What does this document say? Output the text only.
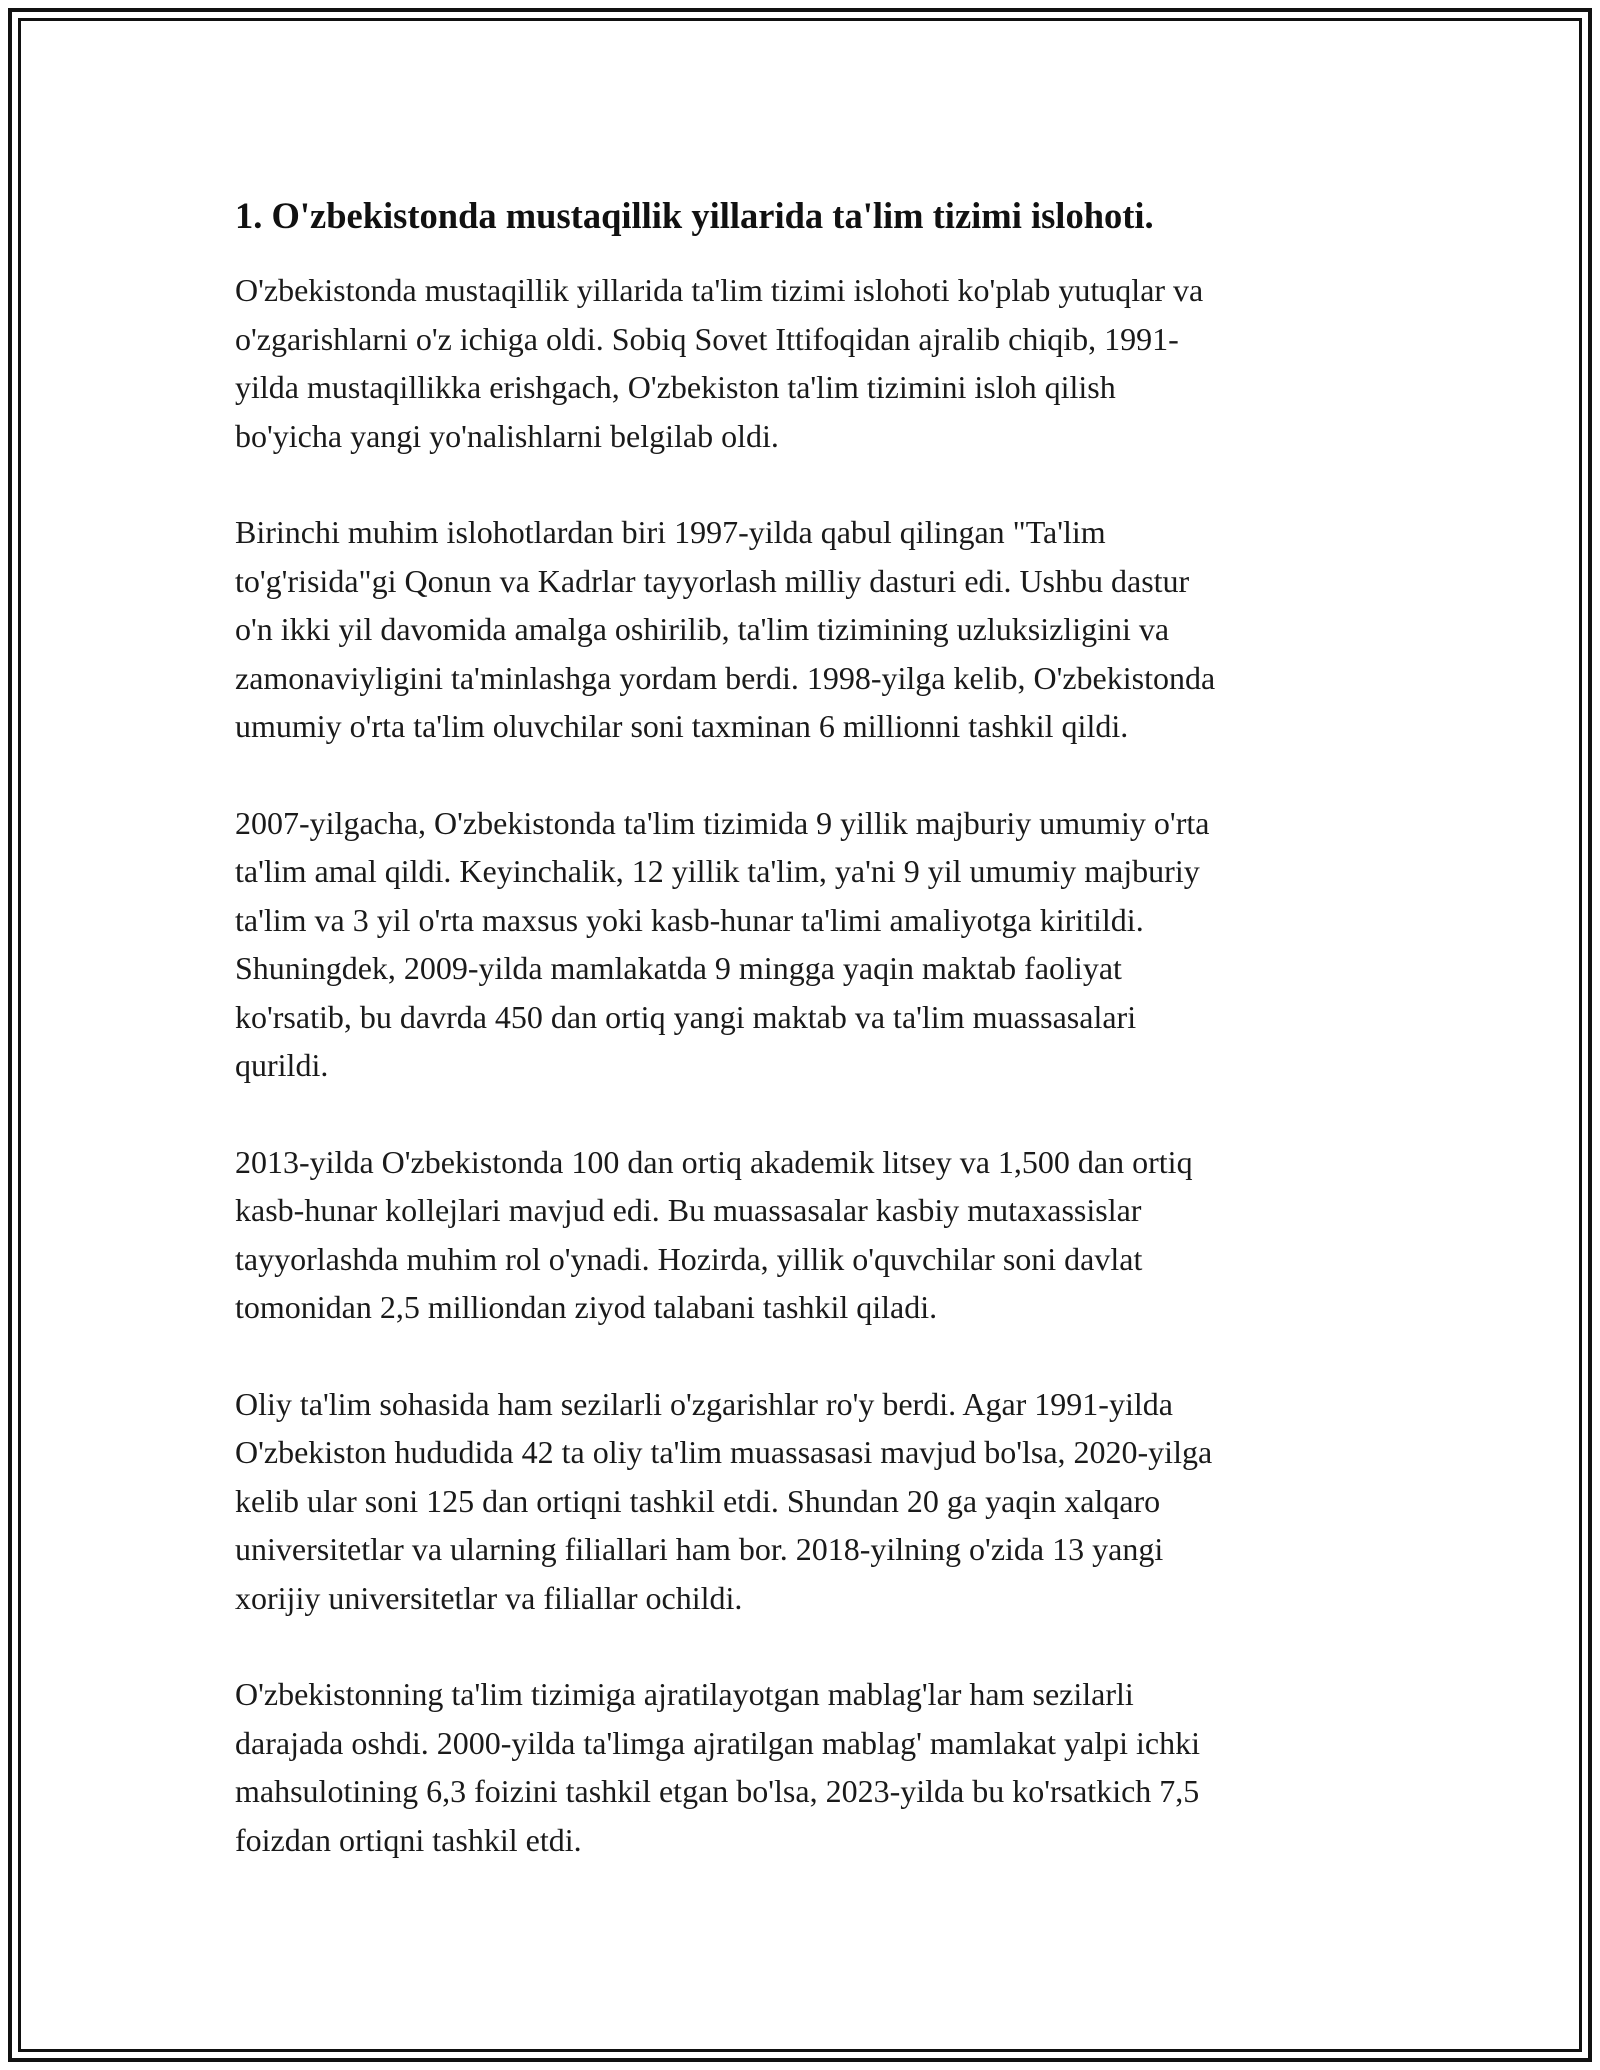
1. O'zbekistonda mustaqillik yillarida ta'lim tizimi islohoti.

O'zbekistonda mustaqillik yillarida ta'lim tizimi islohoti ko'plab yutuqlar va
o'zgarishlarni o'z ichiga oldi. Sobiq Sovet Ittifoqidan ajralib chiqib, 1991-
yilda mustaqillikka erishgach, O'zbekiston ta'lim tizimini isloh qilish
bo'yicha yangi yo'nalishlarni belgilab oldi.

Birinchi muhim islohotlardan biri 1997-yilda qabul qilingan "Ta'lim
to'g'risida"gi Qonun va Kadrlar tayyorlash milliy dasturi edi. Ushbu dastur
o'n ikki yil davomida amalga oshirilib, ta'lim tizimining uzluksizligini va
zamonaviyligini ta'minlashga yordam berdi. 1998-yilga kelib, O'zbekistonda
umumiy o'rta ta'lim oluvchilar soni taxminan 6 millionni tashkil qildi.

2007-yilgacha, O'zbekistonda ta'lim tizimida 9 yillik majburiy umumiy o'rta
ta'lim amal qildi. Keyinchalik, 12 yillik ta'lim, ya'ni 9 yil umumiy majburiy
ta'lim va 3 yil o'rta maxsus yoki kasb-hunar ta'limi amaliyotga kiritildi.
Shuningdek, 2009-yilda mamlakatda 9 mingga yaqin maktab faoliyat
ko'rsatib, bu davrda 450 dan ortiq yangi maktab va ta'lim muassasalari
qurildi.

2013-yilda O'zbekistonda 100 dan ortiq akademik litsey va 1,500 dan ortiq
kasb-hunar kollejlari mavjud edi. Bu muassasalar kasbiy mutaxassislar
tayyorlashda muhim rol o'ynadi. Hozirda, yillik o'quvchilar soni davlat
tomonidan 2,5 milliondan ziyod talabani tashkil qiladi.

Oliy ta'lim sohasida ham sezilarli o'zgarishlar ro'y berdi. Agar 1991-yilda
O'zbekiston hududida 42 ta oliy ta'lim muassasasi mavjud bo'lsa, 2020-yilga
kelib ular soni 125 dan ortiqni tashkil etdi. Shundan 20 ga yaqin xalqaro
universitetlar va ularning filiallari ham bor. 2018-yilning o'zida 13 yangi
xorijiy universitetlar va filiallar ochildi.

O'zbekistonning ta'lim tizimiga ajratilayotgan mablag'lar ham sezilarli
darajada oshdi. 2000-yilda ta'limga ajratilgan mablag' mamlakat yalpi ichki
mahsulotining 6,3 foizini tashkil etgan bo'lsa, 2023-yilda bu ko'rsatkich 7,5
foizdan ortiqni tashkil etdi.
